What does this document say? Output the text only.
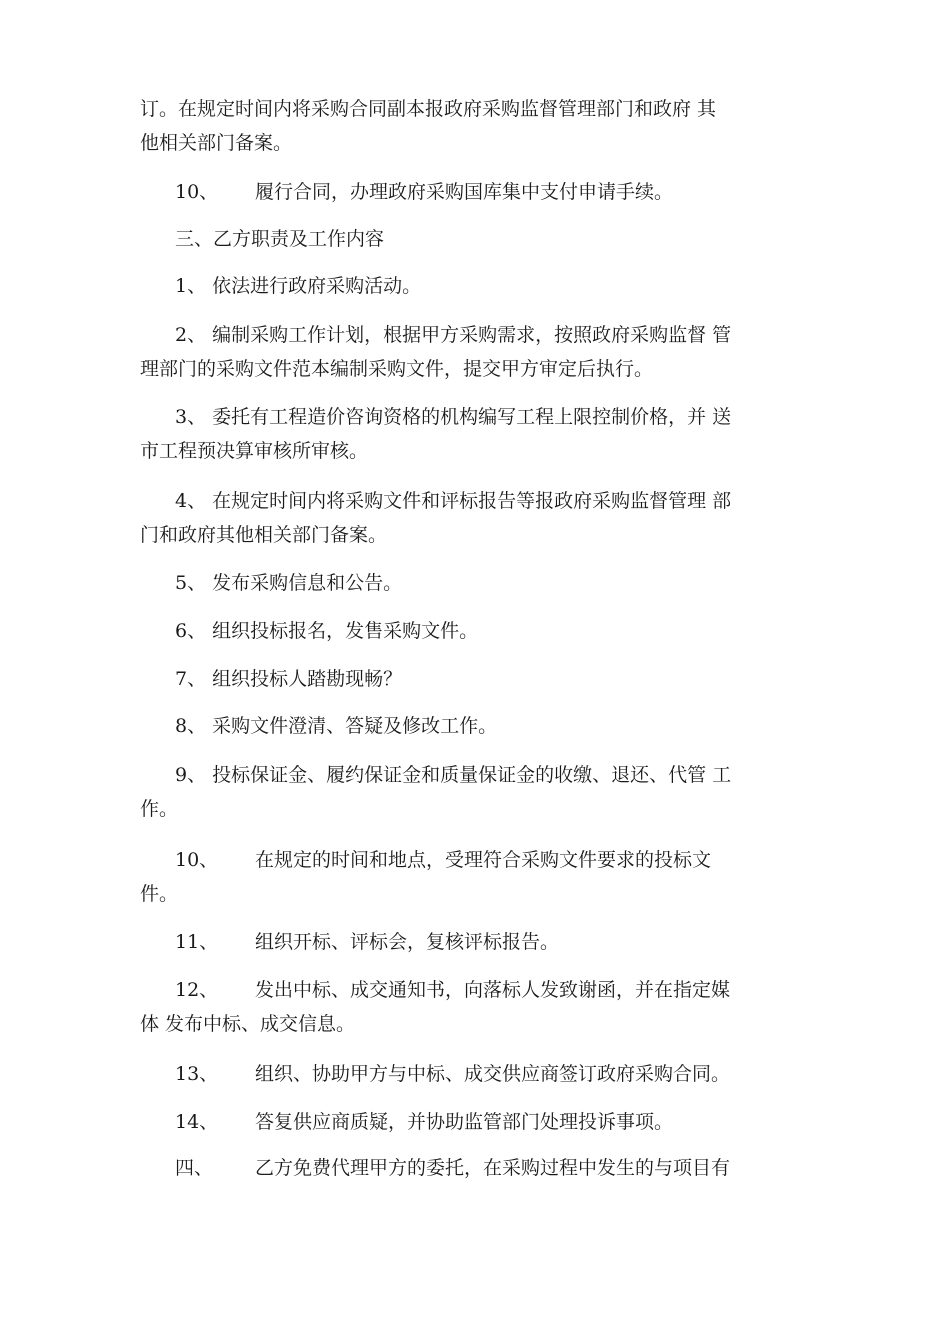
订。在规定时间内将采购合同副本报政府采购监督管理部门和政府 其
他相关部门备案。

10、 履行合同，办理政府采购国库集中支付申请手续。

三、乙方职责及工作内容

1、 依法进行政府采购活动。

2、 编制采购工作计划，根据甲方采购需求，按照政府采购监督 管
理部门的采购文件范本编制采购文件，提交甲方审定后执行。

3、 委托有工程造价咨询资格的机构编写工程上限控制价格，并 送
市工程预决算审核所审核。

4、 在规定时间内将采购文件和评标报告等报政府采购监督管理 部
门和政府其他相关部门备案。

5、 发布采购信息和公告。

6、 组织投标报名，发售采购文件。

7、 组织投标人踏勘现畅？

8、 采购文件澄清、答疑及修改工作。

9、 投标保证金、履约保证金和质量保证金的收缴、退还、代管 工
作。

10、 在规定的时间和地点，受理符合采购文件要求的投标文
件。

11、 组织开标、评标会，复核评标报告。

12、 发出中标、成交通知书，向落标人发致谢函，并在指定媒
体 发布中标、成交信息。

13、 组织、协助甲方与中标、成交供应商签订政府采购合同。

14、 答复供应商质疑，并协助监管部门处理投诉事项。

四、 乙方免费代理甲方的委托，在采购过程中发生的与项目有
